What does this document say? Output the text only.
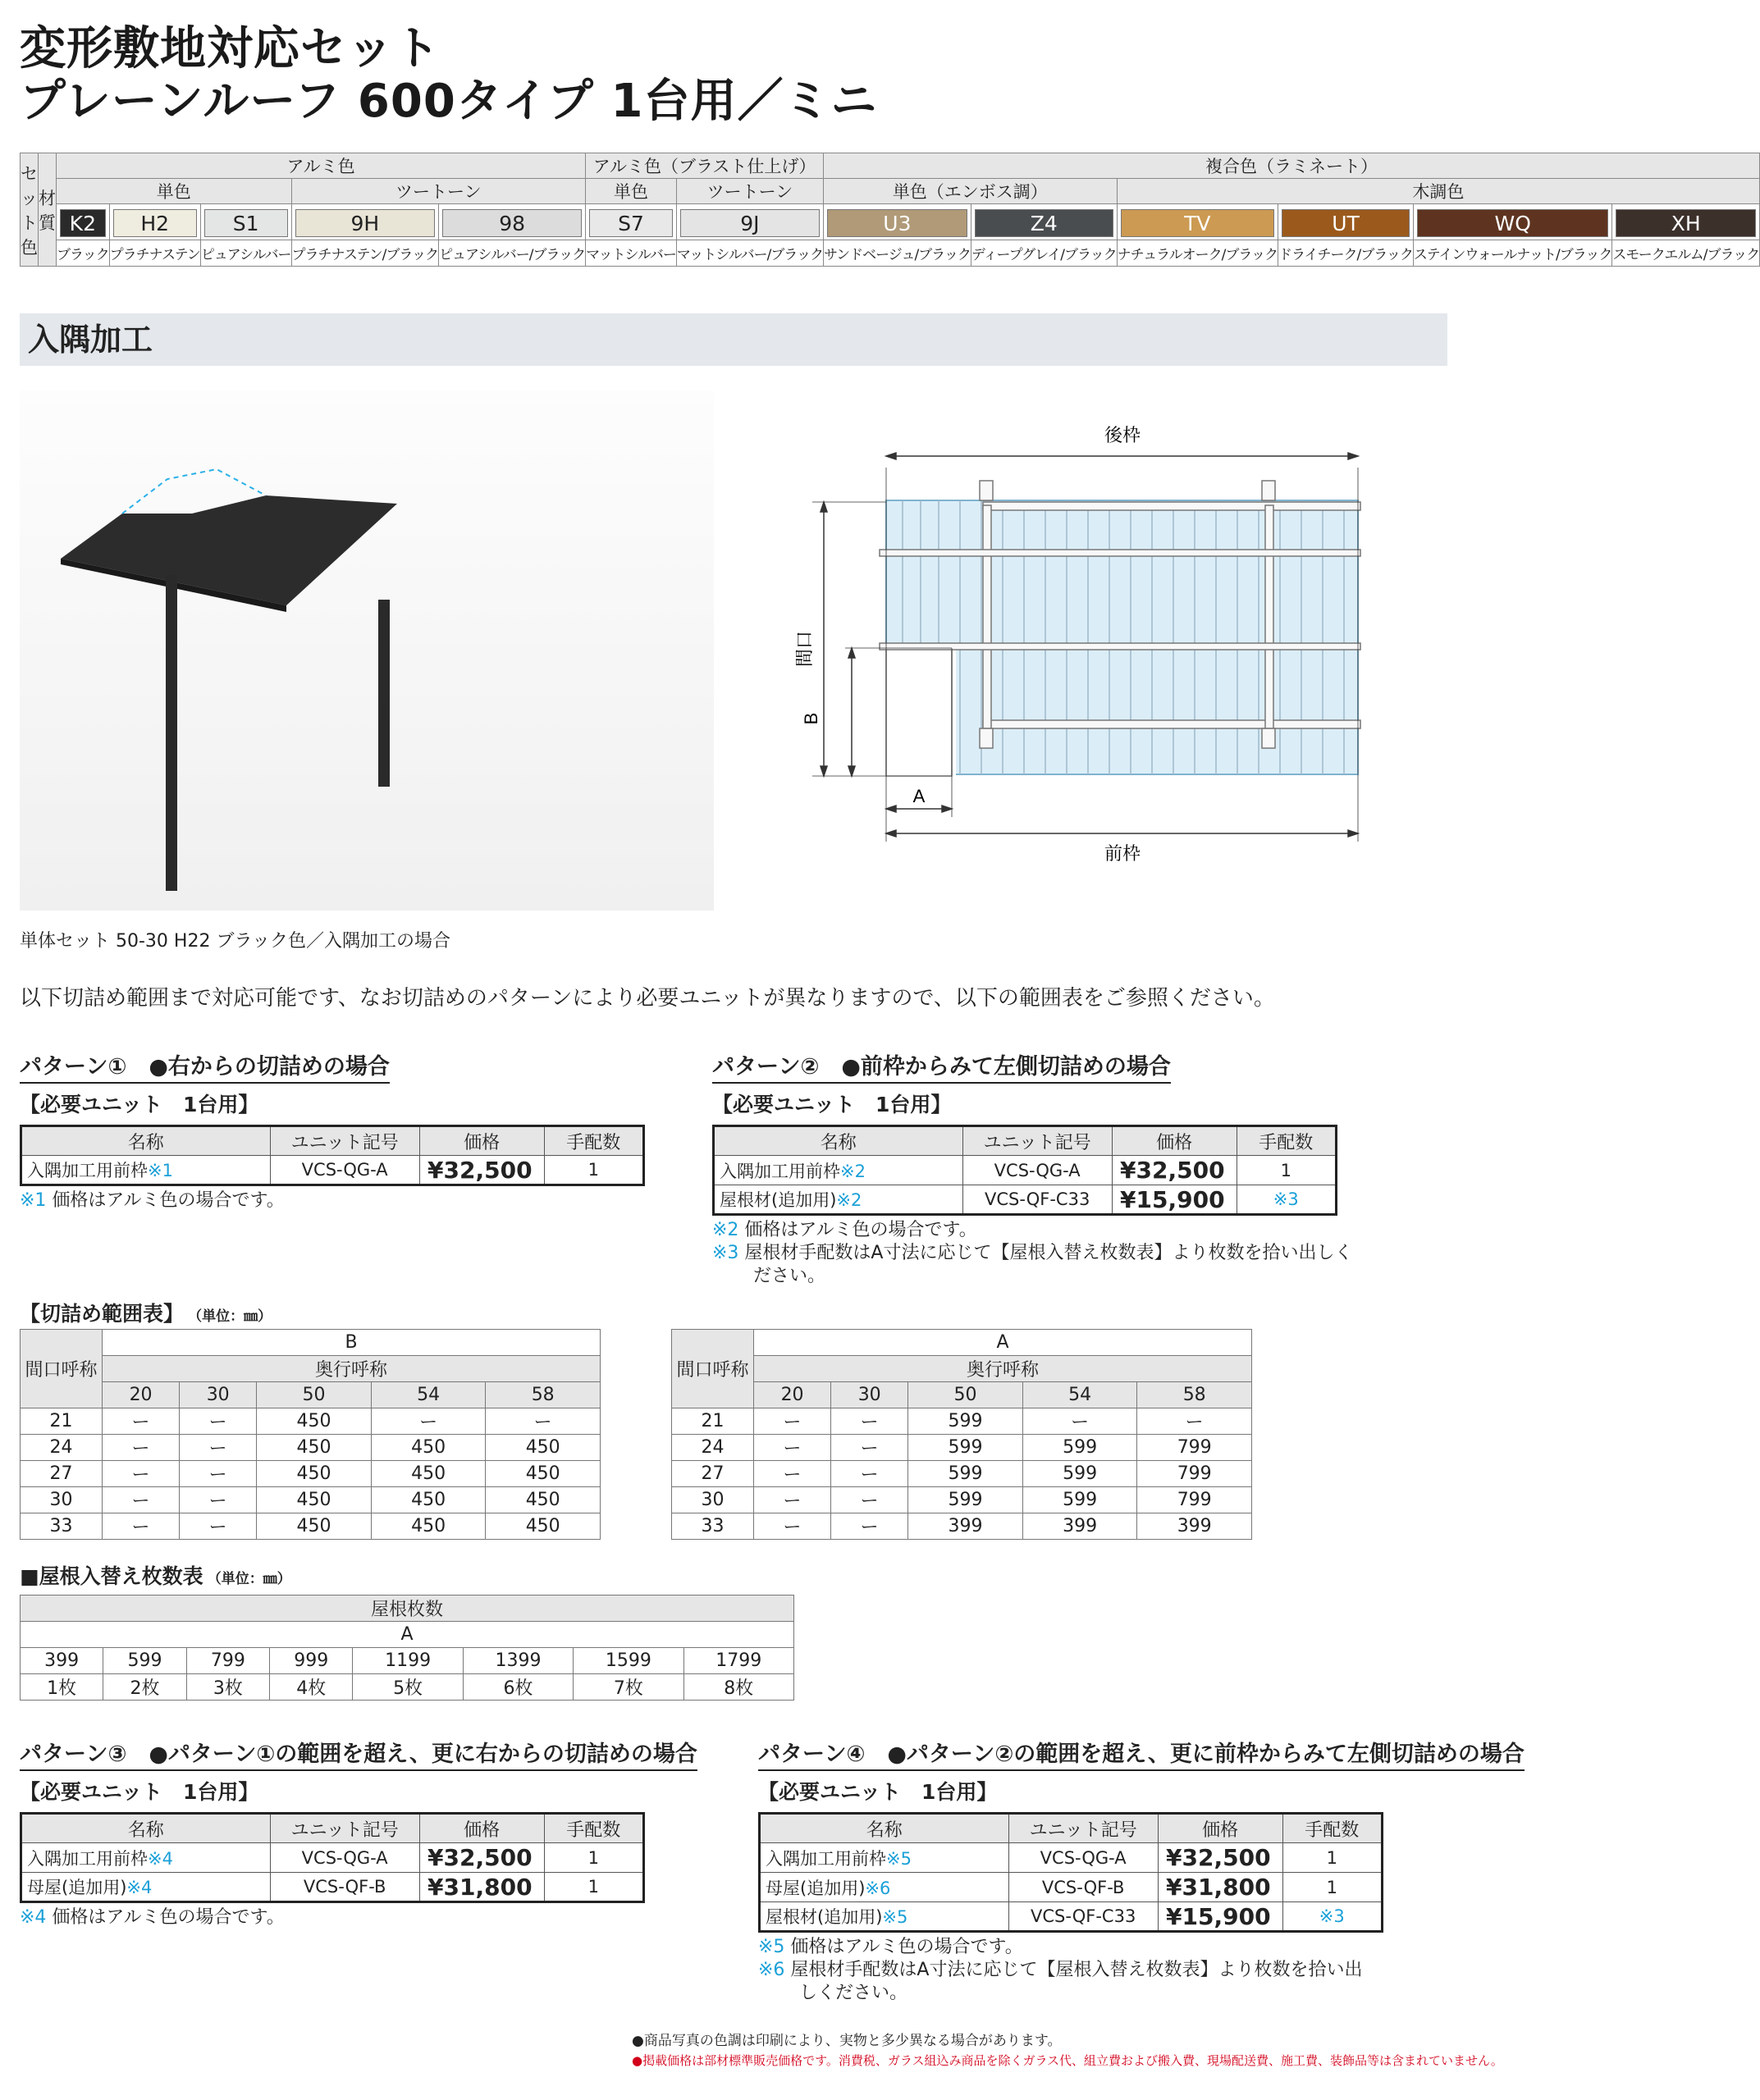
変形敷地対応セット
プレーンルーフ 600タイプ 1台用／ミニ
セット色	材 質	アルミ色					アルミ色（ブラスト仕上げ）		複合色（ラミネート）					
		単色			ツートーン		単色	ツートーン	単色（エンボス調）		木調色			

		K2	H2	S1	9H	98	S7	9J	U3	Z4	TV	UT	WQ	XH

		ブラック	プラチナステン	ピュアシルバー	プラチナステン/ブラック	ピュアシルバー/ブラック	マットシルバー	マットシルバー/ブラック	サンドベージュ/ブラック	ディープグレイ/ブラック	ナチュラルオーク/ブラック	ドライチーク/ブラック	ステインウォールナット/ブラック	スモークエルム/ブラック
入隅加工
後枠
前枠
A
B
間口
単体セット 50-30 H22 ブラック色／入隅加工の場合
以下切詰め範囲まで対応可能です、なお切詰めのパターンにより必要ユニットが異なりますので、以下の範囲表をご参照ください。
パターン①　●右からの切詰めの場合
【必要ユニット　1台用】
名称	ユニット記号	価格	手配数
入隅加工用前枠※1	VCS-QG-A	¥32,500	1
※1 価格はアルミ色の場合です。
パターン②　●前枠からみて左側切詰めの場合
【必要ユニット　1台用】
名称	ユニット記号	価格	手配数
入隅加工用前枠※2	VCS-QG-A	¥32,500	1
屋根材(追加用)※2	VCS-QF-C33	¥15,900	※3
※2 価格はアルミ色の場合です。
※3 屋根材手配数はA寸法に応じて【屋根入替え枚数表】より枚数を拾い出しく
ださい。
【切詰め範囲表】 （単位：㎜）
間口呼称	B				
	奥行呼称				
	20	30	50	54	58
21	ー	ー	450	ー	ー
24	ー	ー	450	450	450
27	ー	ー	450	450	450
30	ー	ー	450	450	450
33	ー	ー	450	450	450
間口呼称	A				
	奥行呼称				
	20	30	50	54	58
21	ー	ー	599	ー	ー
24	ー	ー	599	599	799
27	ー	ー	599	599	799
30	ー	ー	599	599	799
33	ー	ー	399	399	399
■屋根入替え枚数表 （単位：㎜）
屋根枚数							
A							
399	599	799	999	1199	1399	1599	1799
1枚	2枚	3枚	4枚	5枚	6枚	7枚	8枚
パターン③　●パターン①の範囲を超え、更に右からの切詰めの場合
【必要ユニット　1台用】
名称	ユニット記号	価格	手配数
入隅加工用前枠※4	VCS-QG-A	¥32,500	1
母屋(追加用)※4	VCS-QF-B	¥31,800	1
※4 価格はアルミ色の場合です。
パターン④　●パターン②の範囲を超え、更に前枠からみて左側切詰めの場合
【必要ユニット　1台用】
名称	ユニット記号	価格	手配数
入隅加工用前枠※5	VCS-QG-A	¥32,500	1
母屋(追加用)※6	VCS-QF-B	¥31,800	1
屋根材(追加用)※5	VCS-QF-C33	¥15,900	※3
※5 価格はアルミ色の場合です。
※6 屋根材手配数はA寸法に応じて【屋根入替え枚数表】より枚数を拾い出
しください。
●商品写真の色調は印刷により、実物と多少異なる場合があります。
●掲載価格は部材標準販売価格です。消費税、ガラス組込み商品を除くガラス代、組立費および搬入費、現場配送費、施工費、装飾品等は含まれていません。
